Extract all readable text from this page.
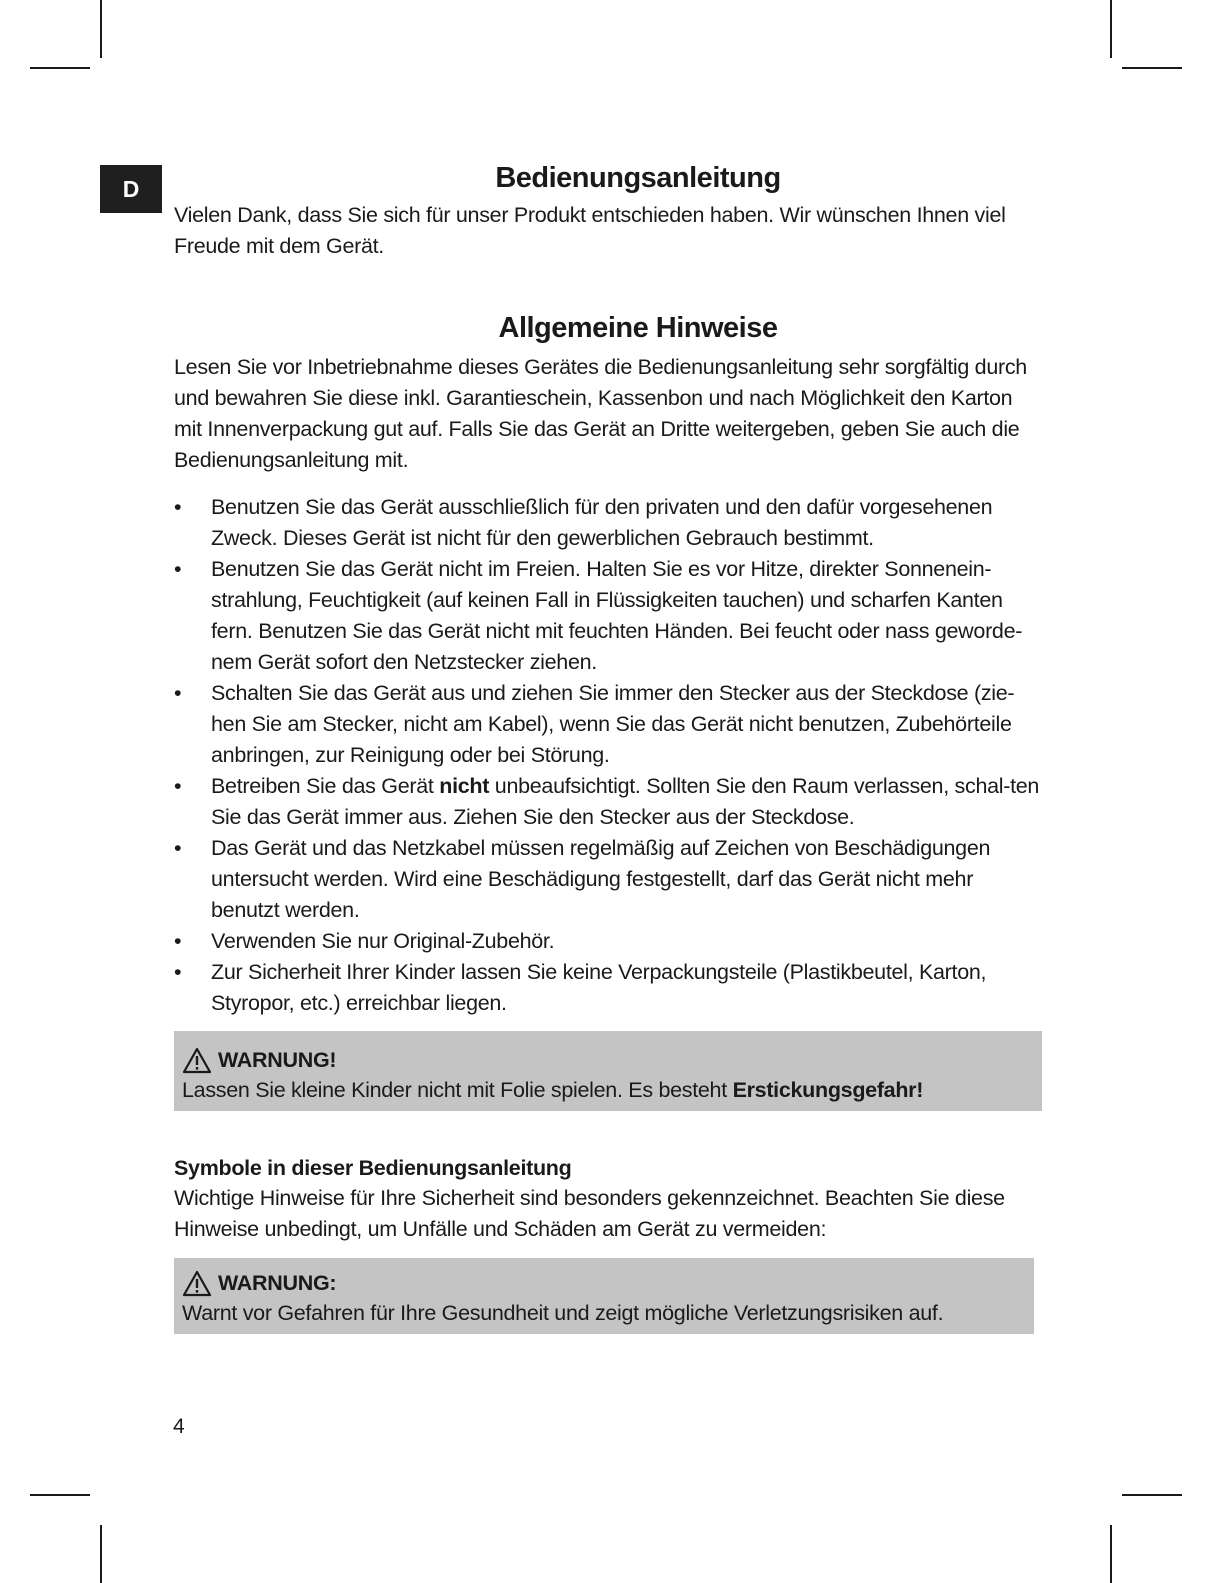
D	Bedienungsanleitung

Vielen Dank, dass Sie sich für unser Produkt entschieden haben. Wir wünschen Ihnen viel Freude mit dem Gerät.

Allgemeine Hinweise

Lesen Sie vor Inbetriebnahme dieses Gerätes die Bedienungsanleitung sehr sorgfältig durch und bewahren Sie diese inkl. Garantieschein, Kassenbon und nach Möglichkeit den Karton mit Innenverpackung gut auf. Falls Sie das Gerät an Dritte weitergeben, geben Sie auch die Bedienungsanleitung mit.

• Benutzen Sie das Gerät ausschließlich für den privaten und den dafür vorgesehenen Zweck. Dieses Gerät ist nicht für den gewerblichen Gebrauch bestimmt.
• Benutzen Sie das Gerät nicht im Freien. Halten Sie es vor Hitze, direkter Sonnenein-strahlung, Feuchtigkeit (auf keinen Fall in Flüssigkeiten tauchen) und scharfen Kanten fern. Benutzen Sie das Gerät nicht mit feuchten Händen. Bei feucht oder nass geworde-nem Gerät sofort den Netzstecker ziehen.
• Schalten Sie das Gerät aus und ziehen Sie immer den Stecker aus der Steckdose (zie-hen Sie am Stecker, nicht am Kabel), wenn Sie das Gerät nicht benutzen, Zubehörteile anbringen, zur Reinigung oder bei Störung.
• Betreiben Sie das Gerät nicht unbeaufsichtigt. Sollten Sie den Raum verlassen, schal-ten Sie das Gerät immer aus. Ziehen Sie den Stecker aus der Steckdose.
• Das Gerät und das Netzkabel müssen regelmäßig auf Zeichen von Beschädigungen untersucht werden. Wird eine Beschädigung festgestellt, darf das Gerät nicht mehr benutzt werden.
• Verwenden Sie nur Original-Zubehör.
• Zur Sicherheit Ihrer Kinder lassen Sie keine Verpackungsteile (Plastikbeutel, Karton, Styropor, etc.) erreichbar liegen.
WARNUNG!

Lassen Sie kleine Kinder nicht mit Folie spielen. Es besteht Erstickungsgefahr!

Symbole in dieser Bedienungsanleitung

Wichtige Hinweise für Ihre Sicherheit sind besonders gekennzeichnet. Beachten Sie diese Hinweise unbedingt, um Unfälle und Schäden am Gerät zu vermeiden:

WARNUNG:

Warnt vor Gefahren für Ihre Gesundheit und zeigt mögliche Verletzungsrisiken auf.

4
